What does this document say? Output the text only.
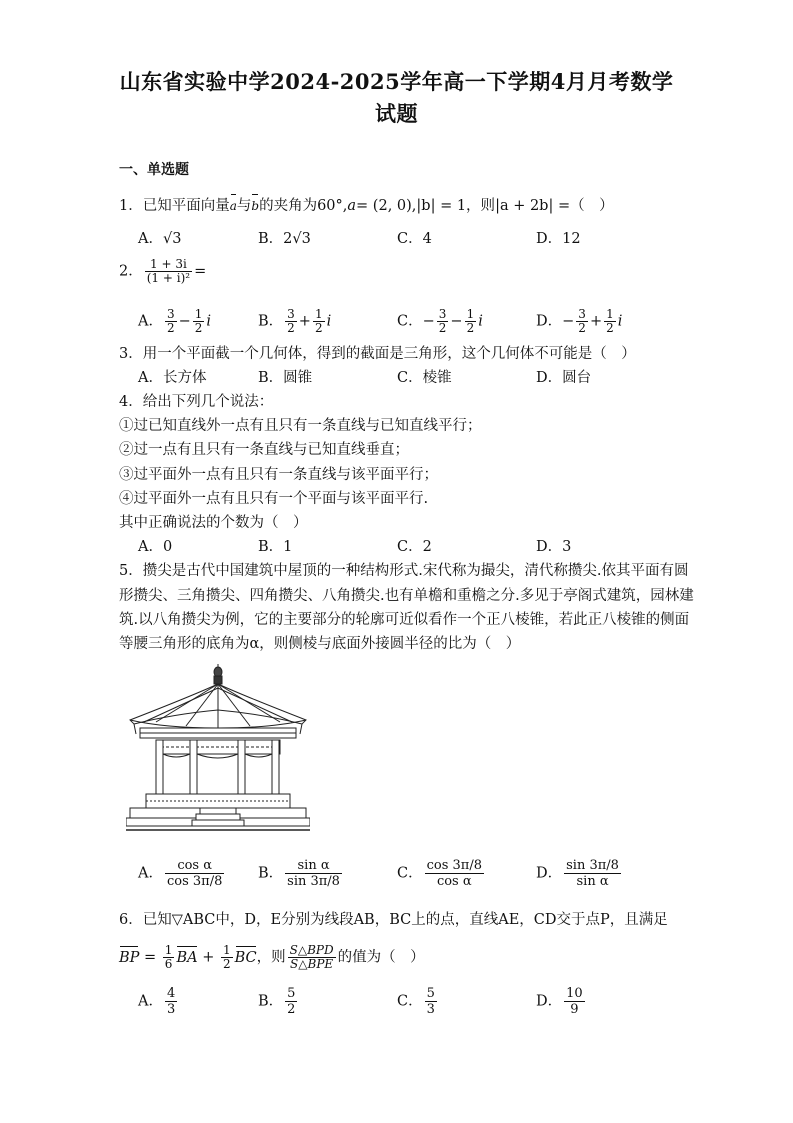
山东省实验中学2024-2025学年高一下学期4月月考数学
试题
一、单选题
1．已知平面向量a与b的夹角为60°,a= (2, 0),|b| = 1，则|a + 2b| =（　）
A．√3	B．2√3	C．4	D．12
2． $\frac{1 + 3i}{\text{(1 + i)²}}$ =
A． $\frac{3}{2} - \frac{1}{2}$ i	B． $\frac{3}{2} + \frac{1}{2}$ i	C．− $\frac{3}{2} - \frac{1}{2}$ i	D．− $\frac{3}{2} + \frac{1}{2}$ i
3．用一个平面截一个几何体，得到的截面是三角形，这个几何体不可能是（　）
A．长方体	B．圆锥	C．棱锥	D．圆台
4．给出下列几个说法：
①过已知直线外一点有且只有一条直线与已知直线平行；
②过一点有且只有一条直线与已知直线垂直；
③过平面外一点有且只有一条直线与该平面平行；
④过平面外一点有且只有一个平面与该平面平行.
其中正确说法的个数为（　）
A．0	B．1	C．2	D．3
5．攒尖是古代中国建筑中屋顶的一种结构形式.宋代称为撮尖，清代称攒尖.依其平面有圆
形攒尖、三角攒尖、四角攒尖、八角攒尖.也有单檐和重檐之分.多见于亭阁式建筑，园林建
筑.以八角攒尖为例，它的主要部分的轮廓可近似看作一个正八棱锥，若此正八棱锥的侧面
等腰三角形的底角为α，则侧棱与底面外接圆半径的比为（　）
A． $\frac{\text{cos α}}{\cos 3\pi/8}$ B． $\frac{\text{sin α}}{\sin 3\pi/8}$	C． $\frac{\cos 3\pi/8}{\text{cos α}}$	D． $\frac{\sin 3\pi/8}{\text{sin α}}$
6．已知▽ABC中，D，E分别为线段AB，BC上的点，直线AE，CD交于点P，且满足
BP = $\frac{1}{6}$ BA + $\frac{1}{2}$ BC，则 $\frac{\text{S△BPD}}{\text{S△BPE}}$ 的值为（　）
A． $\frac{4}{3}$	B． $\frac{5}{2}$	C． $\frac{5}{3}$	D． $\frac{10}{9}$
